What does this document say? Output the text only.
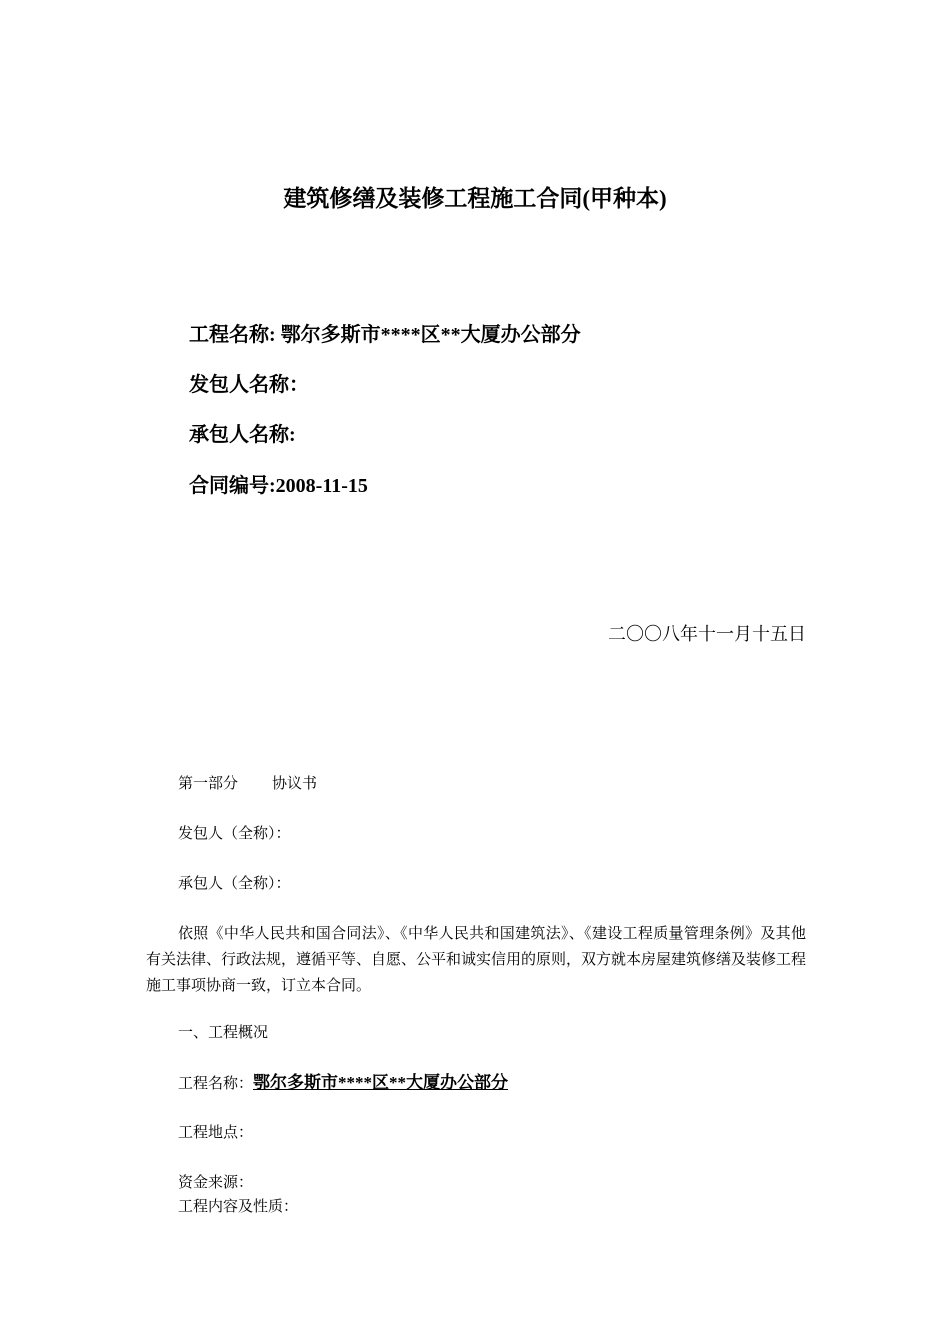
建筑修缮及装修工程施工合同(甲种本)
工程名称: 鄂尔多斯市****区**大厦办公部分
发包人名称：
承包人名称:
合同编号:2008-11-15
二〇〇八年十一月十五日
第一部分 协议书
发包人（全称）：
承包人（全称）：
依照《中华人民共和国合同法》、《中华人民共和国建筑法》、《建设工程质量管理条例》及其他有关法律、行政法规，遵循平等、自愿、公平和诚实信用的原则，双方就本房屋建筑修缮及装修工程施工事项协商一致，订立本合同。
一、工程概况
工程名称：鄂尔多斯市****区**大厦办公部分
工程地点：
资金来源：
工程内容及性质：
